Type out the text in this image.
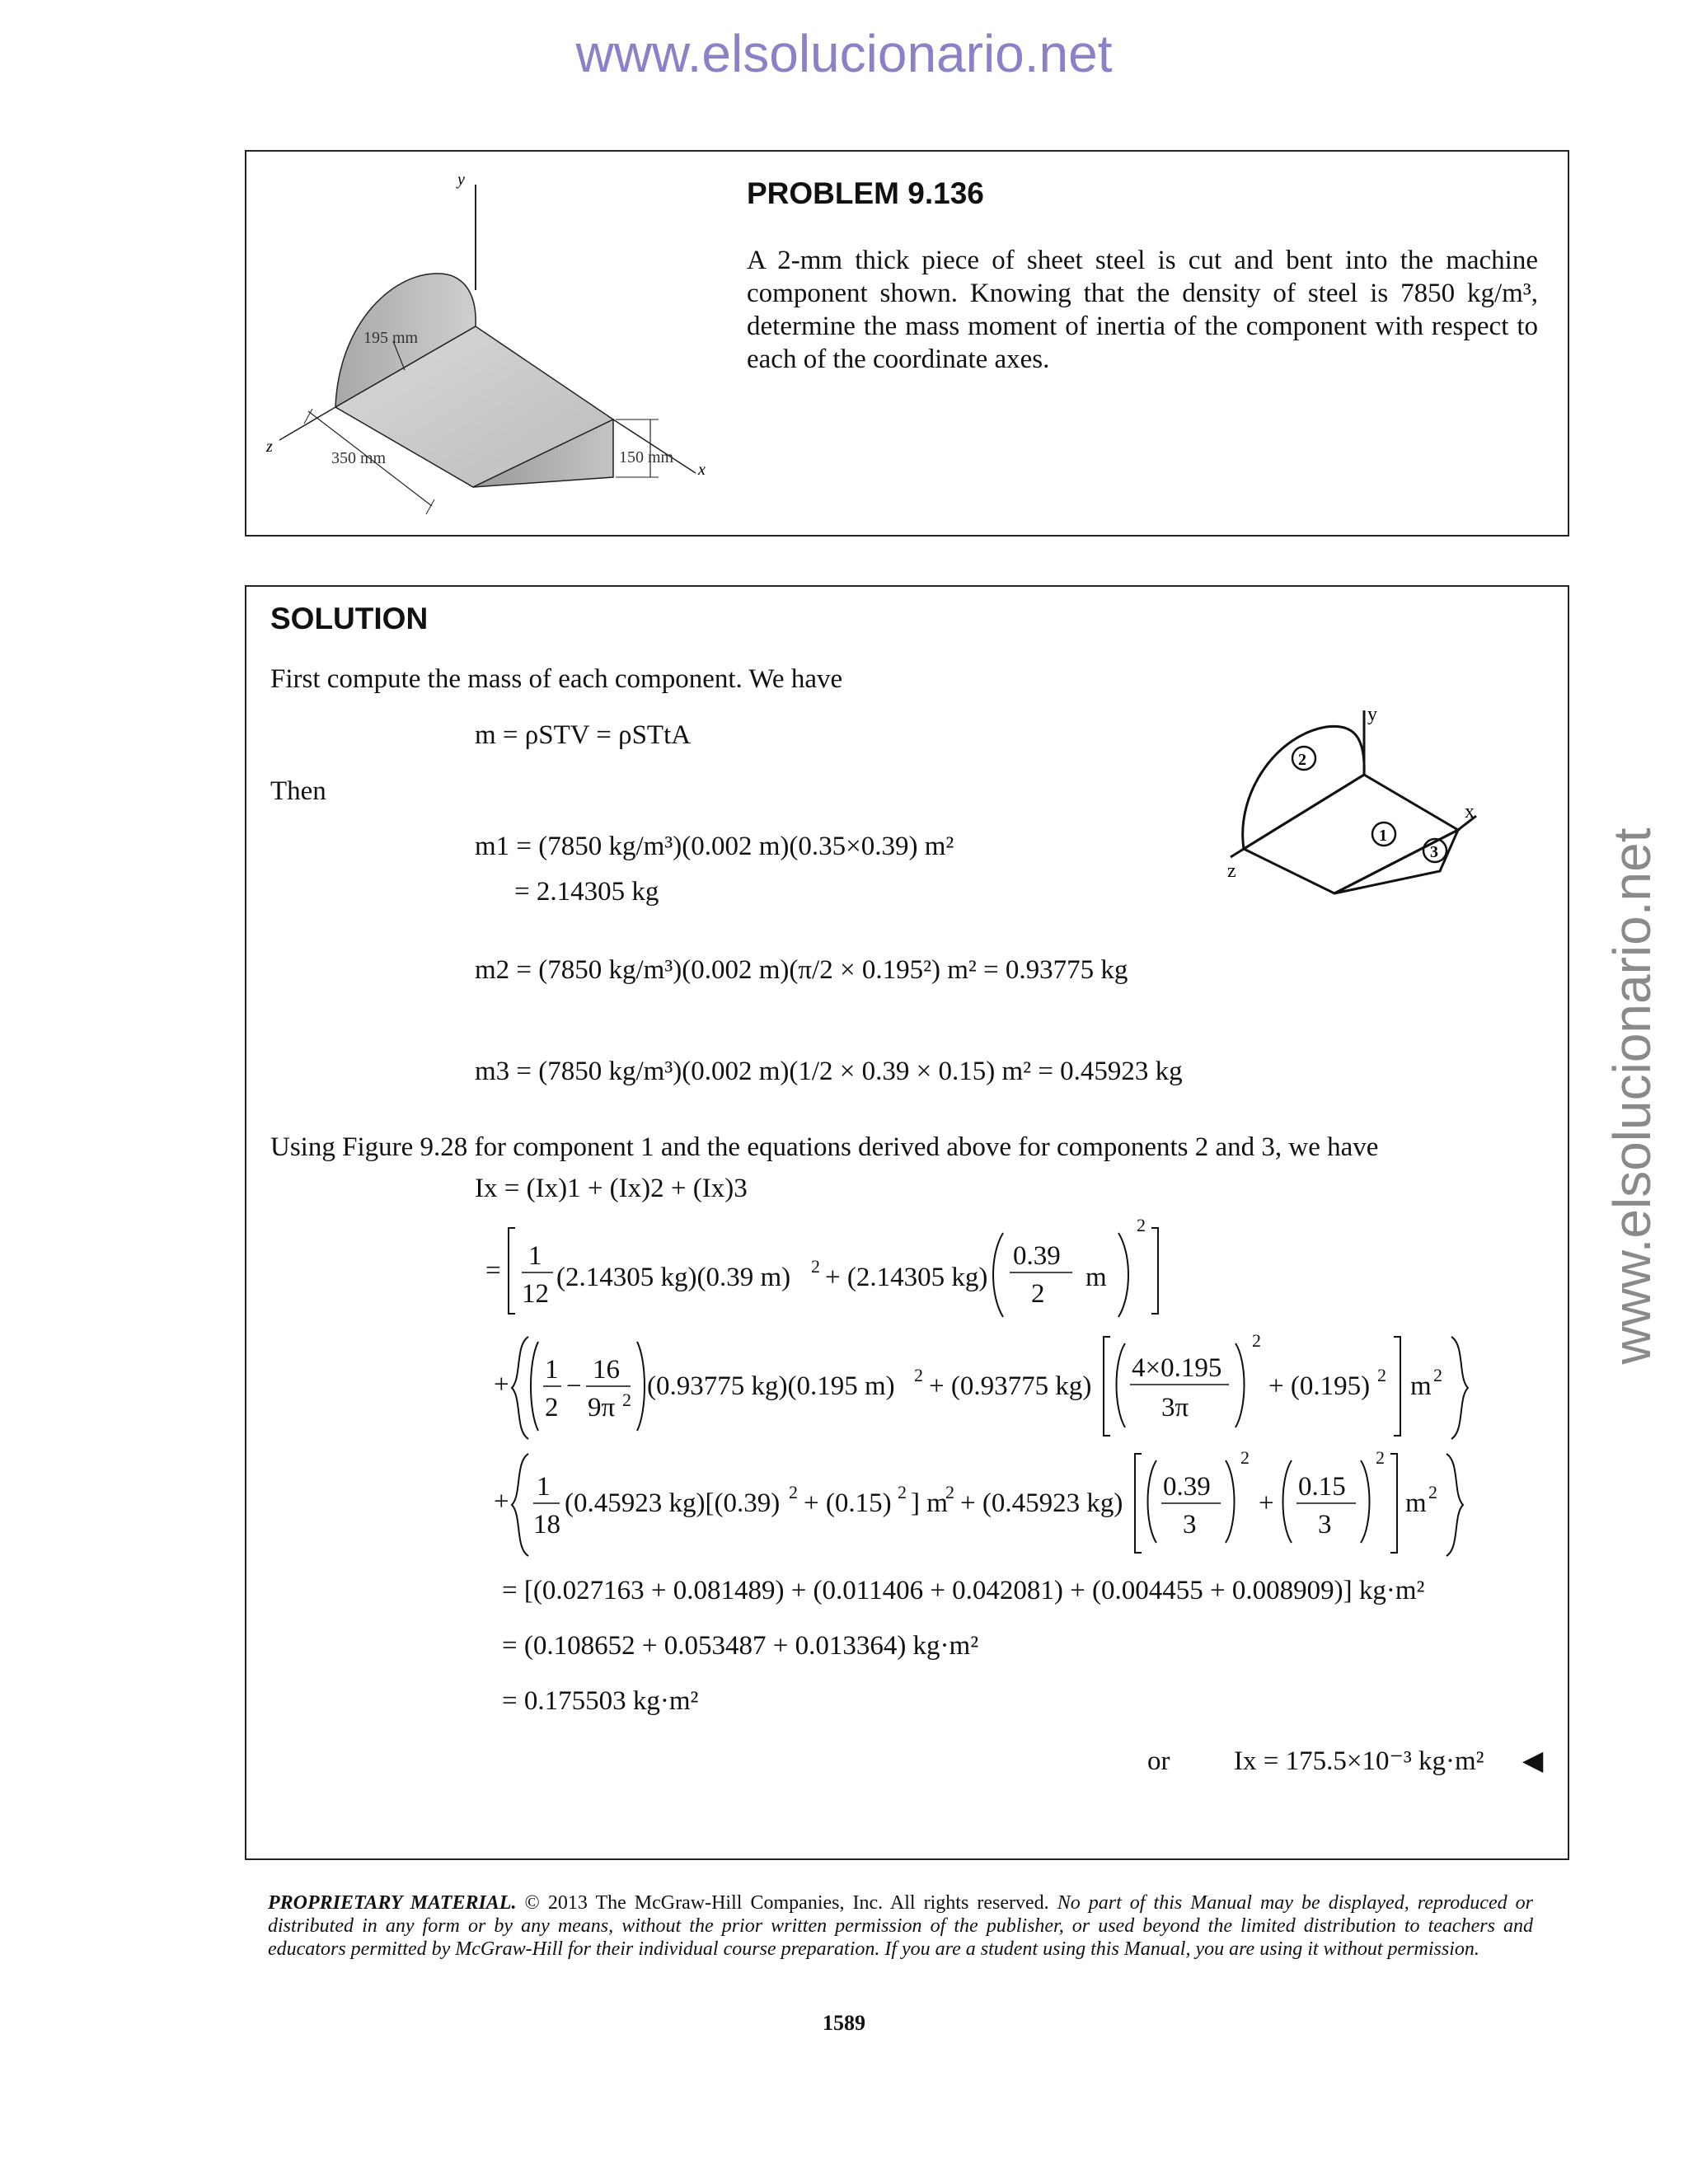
www.elsolucionario.net
www.elsolucionario.net
y
z
x
195 mm
350 mm	150 mm
PROBLEM 9.136
A 2-mm thick piece of sheet steel is cut and bent into the machine component shown. Knowing that the density of steel is 7850 kg/m³, determine the mass moment of inertia of the component with respect to each of the coordinate axes.
SOLUTION
First compute the mass of each component. We have
m = ρSTV = ρSTtA
Then
y
x
z
2
1
3
m1 = (7850 kg/m³)(0.002 m)(0.35×0.39) m²
= 2.14305 kg
m2 = (7850 kg/m³)(0.002 m)(π/2 × 0.195²) m² = 0.93775 kg
m3 = (7850 kg/m³)(0.002 m)(1/2 × 0.39 × 0.15) m² = 0.45923 kg
Using Figure 9.28 for component 1 and the equations derived above for components 2 and 3, we have
Ix = (Ix)1 + (Ix)2 + (Ix)3
= 1
12
(2.14305 kg)(0.39 m) 2 + (2.14305 kg)
0.39
2
m
2
+ 1
2
−
16
9π 2 (0.93775 kg)(0.195 m) 2 + (0.93775 kg)
4×0.195
3π
2
+ (0.195) 2 m 2
+ 1
18
(0.45923 kg)[(0.39) 2 + (0.15) 2 ] m
2 + (0.45923 kg)
0.39
3
2
+
0.15
3
2
m 2
= [(0.027163 + 0.081489) + (0.011406 + 0.042081) + (0.004455 + 0.008909)] kg·m²
= (0.108652 + 0.053487 + 0.013364) kg·m²
= 0.175503 kg·m²
or Ix = 175.5×10⁻³ kg·m² ◀
PROPRIETARY MATERIAL. © 2013 The McGraw-Hill Companies, Inc. All rights reserved. No part of this Manual may be displayed, reproduced or distributed in any form or by any means, without the prior written permission of the publisher, or used beyond the limited distribution to teachers and educators permitted by McGraw-Hill for their individual course preparation. If you are a student using this Manual, you are using it without permission.
1589
